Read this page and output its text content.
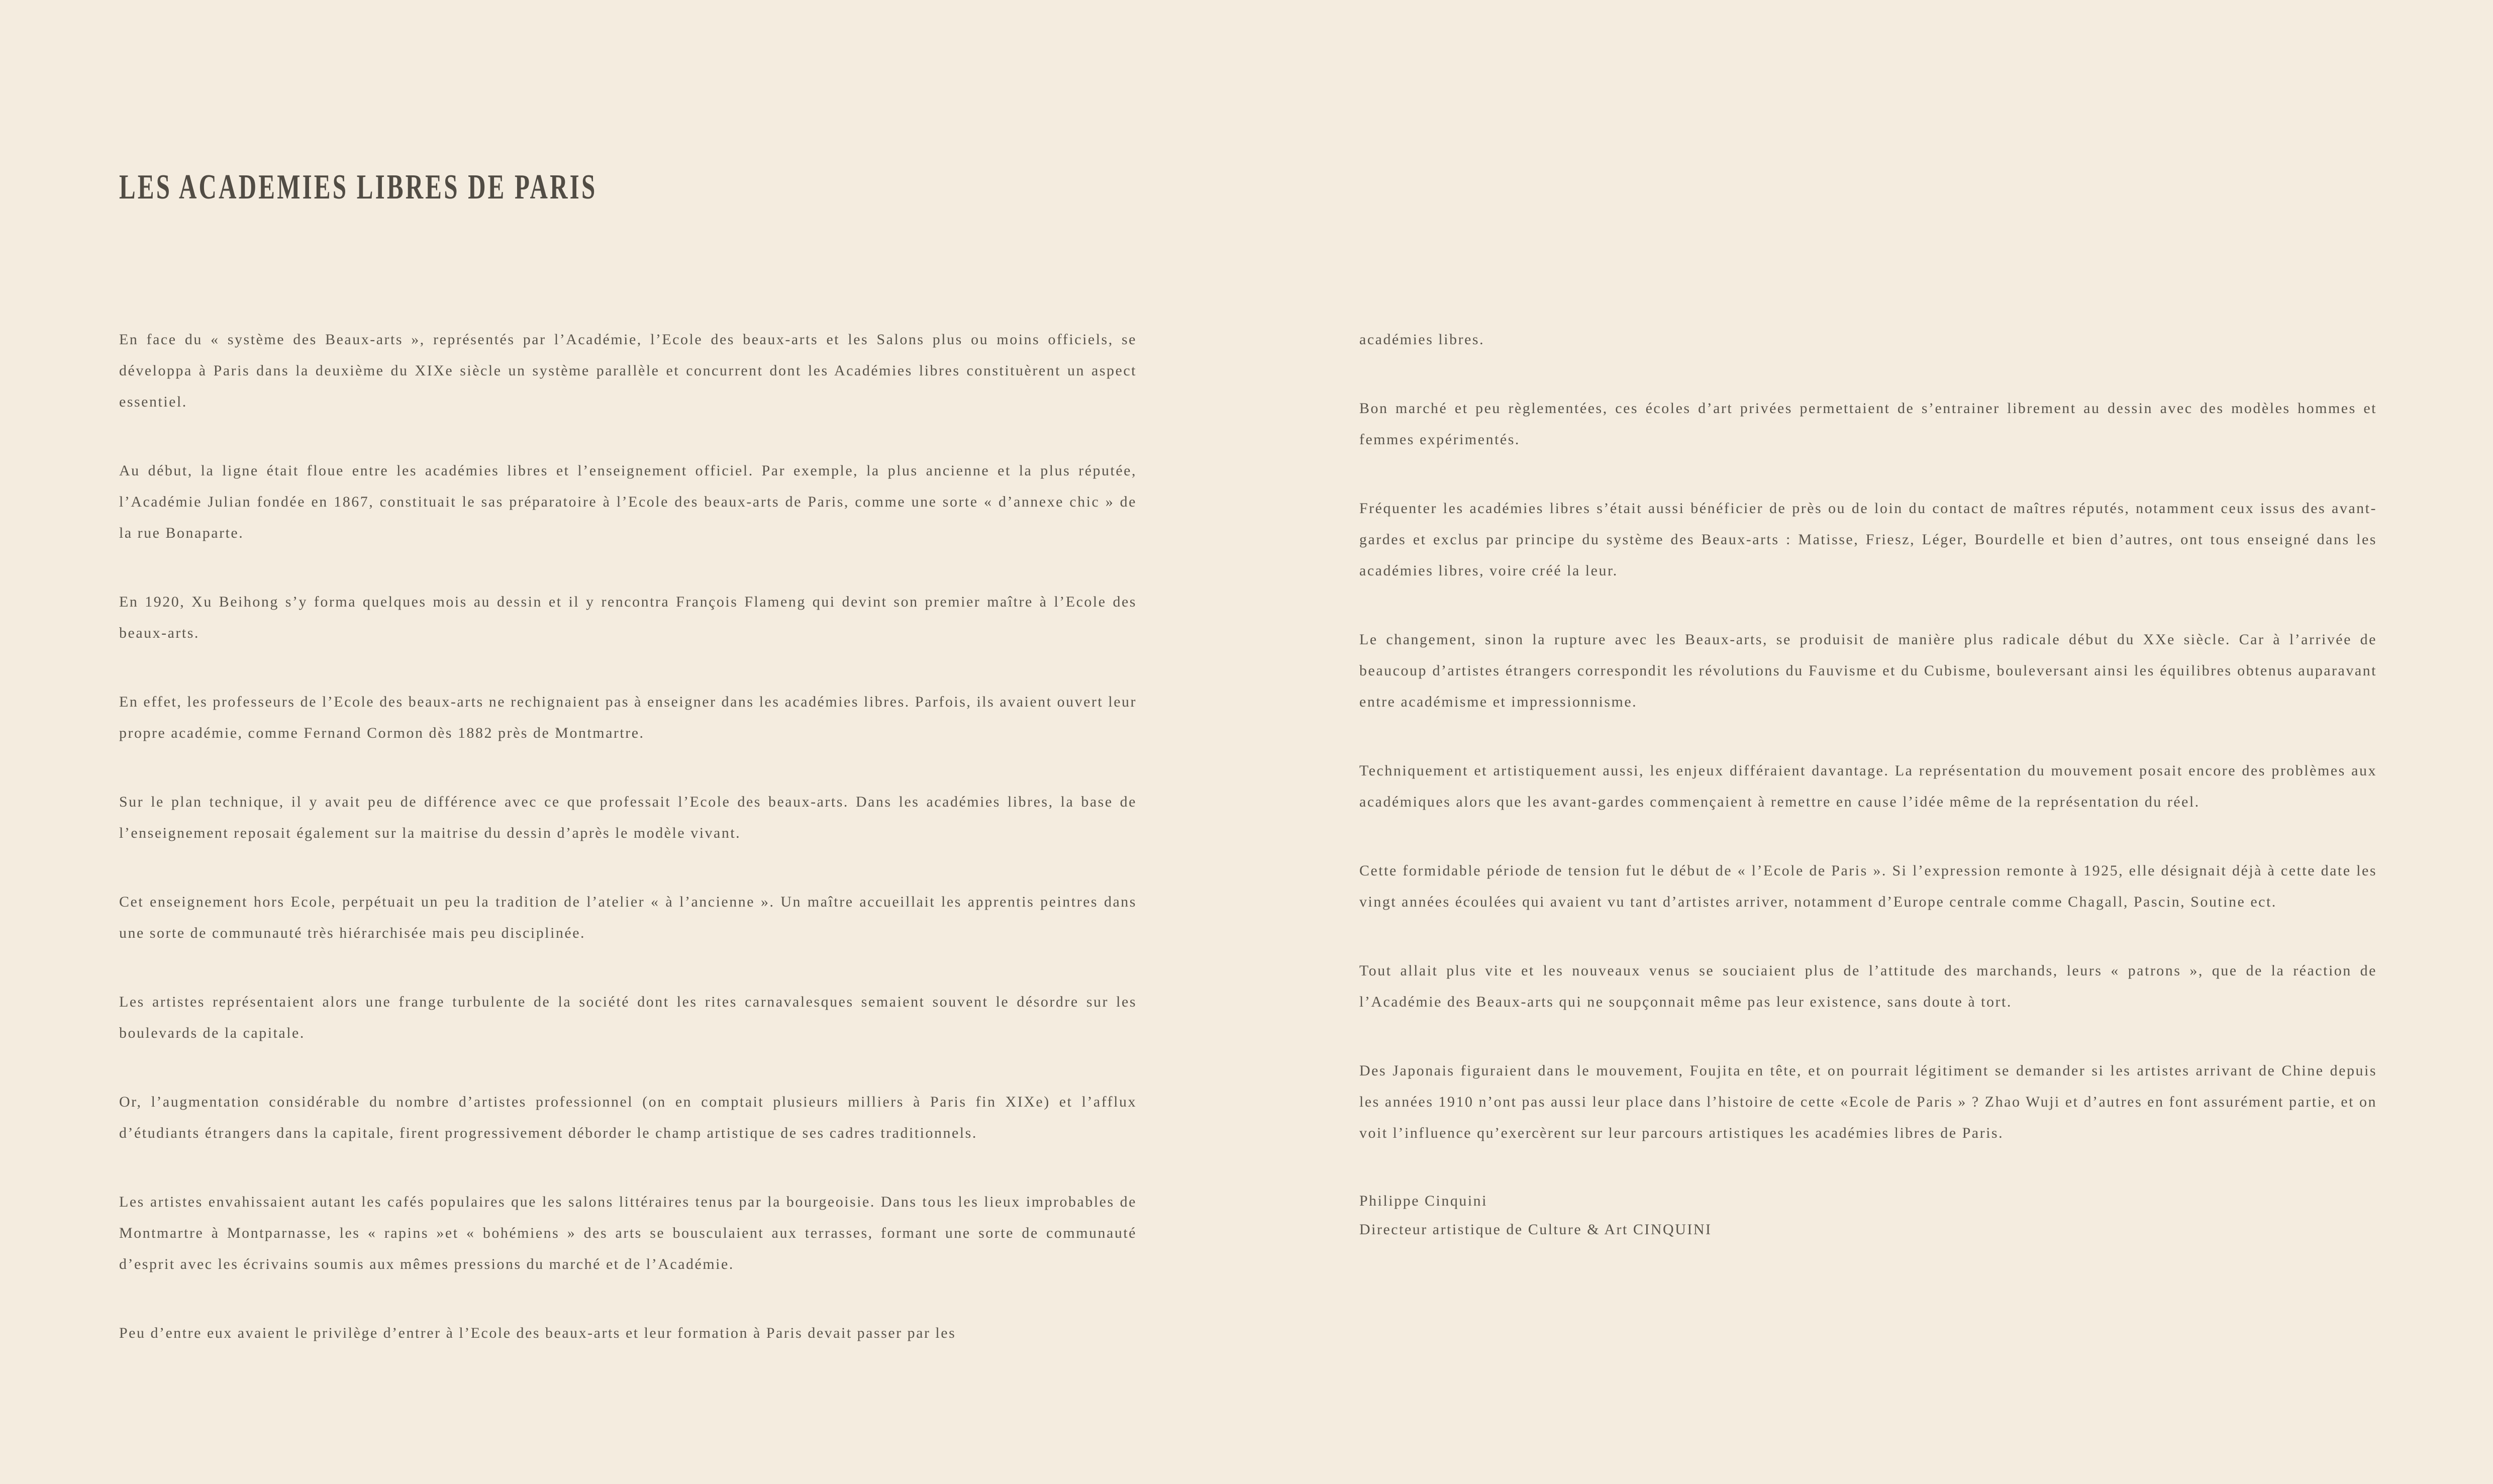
LES ACADEMIES LIBRES DE PARIS

En face du « système des Beaux-arts », représentés par l’Académie, l’Ecole des beaux-arts et les Salons plus ou moins officiels, se développa à Paris dans la deuxième du XIXe siècle un système parallèle et concurrent dont les Académies libres constituèrent un aspect essentiel.

Au début, la ligne était floue entre les académies libres et l’enseignement officiel. Par exemple, la plus ancienne et la plus réputée, l’Académie Julian fondée en 1867, constituait le sas préparatoire à l’Ecole des beaux-arts de Paris, comme une sorte « d’annexe chic » de la rue Bonaparte.

En 1920, Xu Beihong s’y forma quelques mois au dessin et il y rencontra François Flameng qui devint son premier maître à l’Ecole des beaux-arts.

En effet, les professeurs de l’Ecole des beaux-arts ne rechignaient pas à enseigner dans les académies libres. Parfois, ils avaient ouvert leur propre académie, comme Fernand Cormon dès 1882 près de Montmartre.

Sur le plan technique, il y avait peu de différence avec ce que professait l’Ecole des beaux-arts. Dans les académies libres, la base de l’enseignement reposait également sur la maitrise du dessin d’après le modèle vivant.

Cet enseignement hors Ecole, perpétuait un peu la tradition de l’atelier « à l’ancienne ». Un maître accueillait les apprentis peintres dans une sorte de communauté très hiérarchisée mais peu disciplinée.

Les artistes représentaient alors une frange turbulente de la société dont les rites carnavalesques semaient souvent le désordre sur les boulevards de la capitale.

Or, l’augmentation considérable du nombre d’artistes professionnel (on en comptait plusieurs milliers à Paris fin XIXe) et l’afflux d’étudiants étrangers dans la capitale, firent progressivement déborder le champ artistique de ses cadres traditionnels.

Les artistes envahissaient autant les cafés populaires que les salons littéraires tenus par la bourgeoisie. Dans tous les lieux improbables de Montmartre à Montparnasse, les « rapins »et « bohémiens » des arts se bousculaient aux terrasses, formant une sorte de communauté d’esprit avec les écrivains soumis aux mêmes pressions du marché et de l’Académie.

Peu d’entre eux avaient le privilège d’entrer à l’Ecole des beaux-arts et leur formation à Paris devait passer par les

académies libres.

Bon marché et peu règlementées, ces écoles d’art privées permettaient de s’entrainer librement au dessin avec des modèles hommes et femmes expérimentés.

Fréquenter les académies libres s’était aussi bénéficier de près ou de loin du contact de maîtres réputés, notamment ceux issus des avant-gardes et exclus par principe du système des Beaux-arts : Matisse, Friesz, Léger, Bourdelle et bien d’autres, ont tous enseigné dans les académies libres, voire créé la leur.

Le changement, sinon la rupture avec les Beaux-arts, se produisit de manière plus radicale début du XXe siècle. Car à l’arrivée de beaucoup d’artistes étrangers correspondit les révolutions du Fauvisme et du Cubisme, bouleversant ainsi les équilibres obtenus auparavant entre académisme et impressionnisme.

Techniquement et artistiquement aussi, les enjeux différaient davantage. La représentation du mouvement posait encore des problèmes aux académiques alors que les avant-gardes commençaient à remettre en cause l’idée même de la représentation du réel.

Cette formidable période de tension fut le début de « l’Ecole de Paris ». Si l’expression remonte à 1925, elle désignait déjà à cette date les vingt années écoulées qui avaient vu tant d’artistes arriver, notamment d’Europe centrale comme Chagall, Pascin, Soutine ect.

Tout allait plus vite et les nouveaux venus se souciaient plus de l’attitude des marchands, leurs « patrons », que de la réaction de l’Académie des Beaux-arts qui ne soupçonnait même pas leur existence, sans doute à tort.

Des Japonais figuraient dans le mouvement, Foujita en tête, et on pourrait légitiment se demander si les artistes arrivant de Chine depuis les années 1910 n’ont pas aussi leur place dans l’histoire de cette «Ecole de Paris » ? Zhao Wuji et d’autres en font assurément partie, et on voit l’influence qu’exercèrent sur leur parcours artistiques les académies libres de Paris.

Philippe Cinquini
Directeur artistique de Culture & Art CINQUINI
